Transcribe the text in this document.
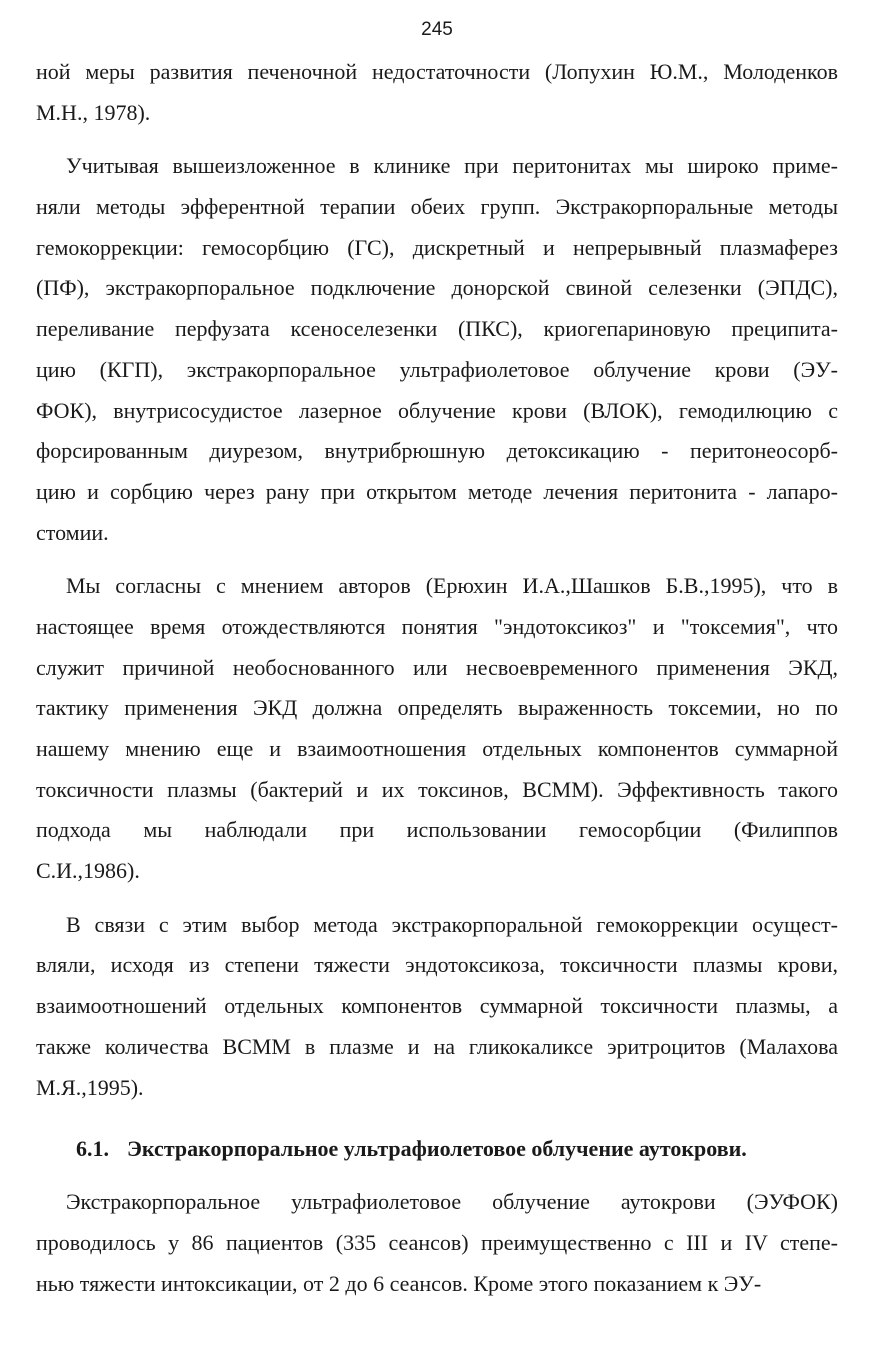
245
ной меры развития печеночной недостаточности (Лопухин Ю.М., Молоденков
М.Н., 1978).
Учитывая вышеизложенное в клинике при перитонитах мы широко приме-
няли методы эфферентной терапии обеих групп. Экстракорпоральные методы
гемокоррекции: гемосорбцию (ГС), дискретный и непрерывный плазмаферез
(ПФ), экстракорпоральное подключение донорской свиной селезенки (ЭПДС),
переливание перфузата ксеноселезенки (ПКС), криогепариновую преципита-
цию (КГП), экстракорпоральное ультрафиолетовое облучение крови (ЭУ-
ФОК), внутрисосудистое лазерное облучение крови (ВЛОК), гемодилюцию с
форсированным диурезом, внутрибрюшную детоксикацию - перитонеосорб-
цию и сорбцию через рану при открытом методе лечения перитонита - лапаро-
стомии.
Мы согласны с мнением авторов (Ерюхин И.А.,Шашков Б.В.,1995), что в
настоящее время отождествляются понятия "эндотоксикоз" и "токсемия", что
служит причиной необоснованного или несвоевременного применения ЭКД,
тактику применения ЭКД должна определять выраженность токсемии, но по
нашему мнению еще и взаимоотношения отдельных компонентов суммарной
токсичности плазмы (бактерий и их токсинов, ВСММ). Эффективность такого
подхода мы наблюдали при использовании гемосорбции (Филиппов
С.И.,1986).
В связи с этим выбор метода экстракорпоральной гемокоррекции осущест-
вляли, исходя из степени тяжести эндотоксикоза, токсичности плазмы крови,
взаимоотношений отдельных компонентов суммарной токсичности плазмы, а
также количества ВСММ в плазме и на гликокаликсе эритроцитов (Малахова
М.Я.,1995).
6.1. Экстракорпоральное ультрафиолетовое облучение аутокрови.
Экстракорпоральное ультрафиолетовое облучение аутокрови (ЭУФОК)
проводилось у 86 пациентов (335 сеансов) преимущественно с III и IV степе-
нью тяжести интоксикации, от 2 до 6 сеансов. Кроме этого показанием к ЭУ-
